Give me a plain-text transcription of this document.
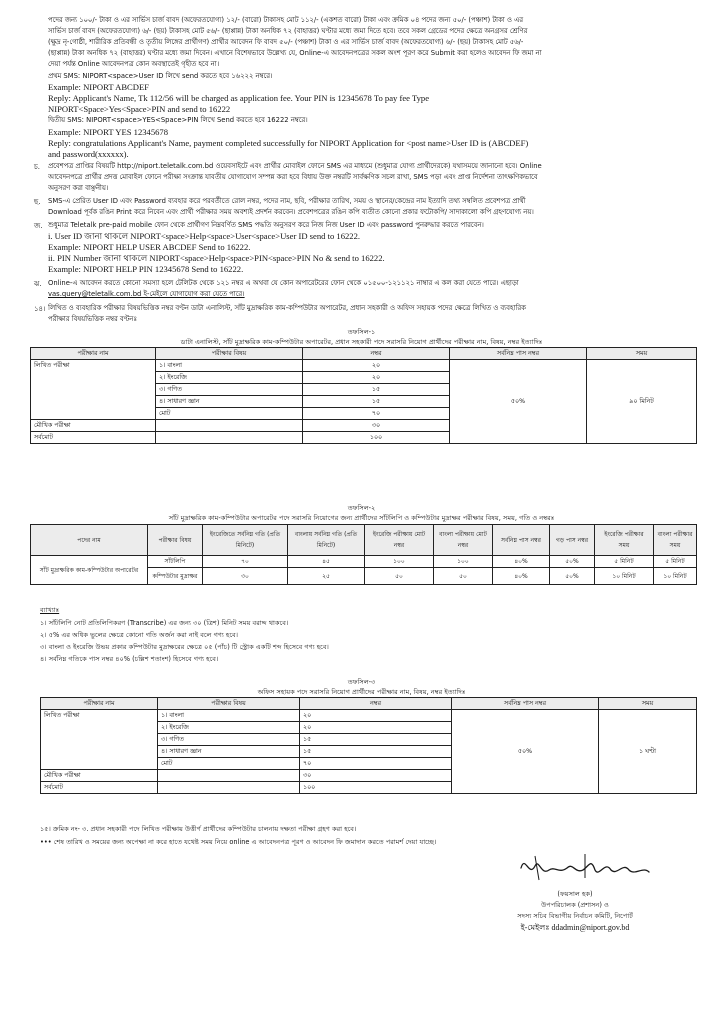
পদের জন্য ১০০/- টাকা ও এর সার্ভিস চার্জ বাবদ (অফেরতযোগ্য) ১২/- (বারো) টাকাসহ মোট ১১২/- (একশত বারো) টাকা এবং ক্রমিক ০৪ পদের জন্য ৫০/- (পঞ্চাশ) টাকা ও এর
সার্ভিস চার্জ বাবদ (অফেরতযোগ্য) ৬/- (ছয়) টাকাসহ মোট ৫৬/- (ছাপ্পান্ন) টাকা অনধিক ৭২ (বাহাত্তর) ঘণ্টার মধ্যে জমা দিতে হবে। তবে সকল গ্রেডের পদের ক্ষেত্রে অনগ্রসর শ্রেণির
(ক্ষুদ্র নৃ-গোষ্ঠী, শারীরিক প্রতিবন্ধী ও তৃতীয় লিঙ্গের প্রার্থীগণ) প্রার্থীর আবেদন ফি বাবদ ৫০/- (পঞ্চাশ) টাকা ও এর সার্ভিস চার্জ বাবদ (অফেরতযোগ্য) ৬/- (ছয়) টাকাসহ মোট ৫৬/-
(ছাপ্পান্ন) টাকা অনধিক ৭২ (বাহাত্তর) ঘণ্টার মধ্যে জমা দিবেন। এখানে বিশেষভাবে উল্লেখ্য যে, Online-এ আবেদনপত্রের সকল অংশ পূরণ করে Submit করা হলেও আবেদন ফি জমা না
দেয়া পর্যন্ত Online আবেদনপত্র কোন অবস্থাতেই গৃহীত হবে না।
প্রথম SMS: NIPORT<space>User ID লিখে send করতে হবে ১৬২২২ নম্বরে।
Example: NIPORT ABCDEF
Reply: Applicant's Name, Tk 112/56 will be charged as application fee. Your PIN is 12345678 To pay fee Type
NIPORT<Space>Yes<Space>PIN and send to 16222
দ্বিতীয় SMS: NIPORT<space>YES<Space>PIN লিখে Send করতে হবে 16222 নম্বরে।
Example: NIPORT YES 12345678
Reply: congratulations Applicant's Name, payment completed successfully for NIPORT Application for <post name>User ID is (ABCDEF)
and password(xxxxxx).
চ. প্রবেশপত্র প্রাপ্তির বিষয়টি http://niport.teletalk.com.bd ওয়েবসাইটে এবং প্রার্থীর মোবাইল ফোনে SMS এর মাধ্যমে (শুধুমাত্র যোগ্য প্রার্থীদেরকে) যথাসময়ে জানানো হবে। Online
আবেদনপত্রে প্রার্থীর প্রদত্ত মোবাইল ফোনে পরীক্ষা সংক্রান্ত যাবতীয় যোগাযোগ সম্পন্ন করা হবে বিধায় উক্ত নম্বরটি সার্বক্ষণিক সচল রাখা, SMS পড়া এবং প্রাপ্ত নির্দেশনা তাৎক্ষণিকভাবে
অনুসরণ করা বাঞ্ছনীয়।
ছ. SMS-এ প্রেরিত User ID এবং Password ব্যবহার করে পরবর্তীতে রোল নম্বর, পদের নাম, ছবি, পরীক্ষার তারিখ, সময় ও স্থানের/কেন্দ্রের নাম ইত্যাদি তথ্য সম্বলিত প্রবেশপত্র প্রার্থী
Download পূর্বক রঙিন Print করে নিবেন এবং প্রার্থী পরীক্ষার সময় অবশ্যই প্রদর্শন করবেন। প্রবেশপত্রের রঙিন কপি ব্যতীত কোনো প্রকার ফটোকপি/ সাদাকালো কপি গ্রহণযোগ্য নয়।
জ. শুধুমাত্র Teletalk pre-paid mobile ফোন থেকে প্রার্থীগণ নিম্নবর্ণিত SMS পদ্ধতি অনুসরণ করে নিজ নিজ User ID এবং password পুনরুদ্ধার করতে পারবেন।
i. User ID জানা থাকলে NIPORT<space>Help<space>User<space>User ID send to 16222.
Example: NIPORT HELP USER ABCDEF Send to 16222.
ii. PIN Number জানা থাকলে NIPORT<space>Help<space>PIN<space>PIN No & send to 16222.
Example: NIPORT HELP PIN 12345678 Send to 16222.
ঝ. Online-এ আবেদন করতে কোনো সমস্যা হলে টেলিটক থেকে ১২১ নম্বর এ অথবা যে কোন অপারেটরের ফোন থেকে ০১৫০০-১২১১২১ নাম্বার এ কল করা যেতে পারে। এছাড়া
vas.query@teletalk.com.bd ই-মেইলে যোগাযোগ করা যেতে পারে।
১৪। লিখিত ও ব্যবহারিক পরীক্ষার বিষয়ভিত্তিক নম্বর বণ্টন ডাটা এনালিস্ট, সাঁট মুদ্রাক্ষরিক কাম-কম্পিউটার অপারেটর, প্রধান সহকারী ও অফিস সহায়ক পদের ক্ষেত্রে লিখিত ও ব্যবহারিক
পরীক্ষার বিষয়ভিত্তিক নম্বর বণ্টনঃ
তফসিল-১
ডাটা এনালিস্ট, সাঁট মুদ্রাক্ষরিক কাম-কম্পিউটার অপারেটর, প্রধান সহকারী পদে সরাসরি নিয়োগ প্রার্থীদের পরীক্ষার নাম, বিষয়, নম্বর ইত্যাদিঃ
পরীক্ষার নাম	পরীক্ষার বিষয়	নম্বর	সর্বনিম্ন পাস নম্বর	সময়
লিখিত পরীক্ষা	১। বাংলা	২০	৫০%	৯০ মিনিট
	২। ইংরেজি	২০		
	৩। গণিত	১৫		
	৪। সাধারণ জ্ঞান	১৫		
	মোট	৭০		
মৌখিক পরীক্ষা		৩০		
সর্বমোট		১০০		
তফসিল-২
সাঁট মুদ্রাক্ষরিক কাম-কম্পিউটার অপারেটর পদে সরাসরি নিয়োগের জন্য প্রার্থীদের সাঁটলিপি ও কম্পিউটার মুদ্রাক্ষর পরীক্ষার বিষয়, সময়, গতি ও নম্বরঃ
পদের নাম	পরীক্ষার বিষয়	ইংরেজিতে সর্বনিম্ন গতি (প্রতি মিনিটে)	বাংলায় সর্বনিম্ন গতি (প্রতি মিনিটে)	ইংরেজি পরীক্ষায় মোট নম্বর	বাংলা পরীক্ষায় মোট নম্বর	সর্বনিম্ন পাস নম্বর	গড় পাস নম্বর	ইংরেজি পরীক্ষার সময়	বাংলা পরীক্ষার সময়
সাঁট মুদ্রাক্ষরিক কাম-কম্পিউটার অপারেটর	সাঁটলিপি	৭০	৪৫	১০০	১০০	৪০%	৫০%	৫ মিনিট	৫ মিনিট
	কম্পিউটার মুদ্রাক্ষর	৩০	২৫	৫০	৫০	৪০%	৫০%	১০ মিনিট	১০ মিনিট
ব্যাখ্যাঃ
১। সাঁটলিপি নোট প্রতিলিপিকরণ (Transcribe) এর জন্য ৩০ (ত্রিশ) মিনিট সময় বরাদ্দ থাকবে।
২। ৫% এর অধিক ভুলের ক্ষেত্রে কোনো গতি অর্জন করা নাই বলে গণ্য হবে।
৩। বাংলা ও ইংরেজি উভয় প্রকার কম্পিউটার মুদ্রাক্ষরের ক্ষেত্রে ০৫ (পাঁচ) টি স্ট্রোক একটি শব্দ হিসেবে গণ্য হবে।
৪। সর্বনিম্ন গতিকে পাস নম্বর ৪০% (চল্লিশ শতাংশ) হিসেবে গণ্য হবে।
তফসিল-৩
অফিস সহায়ক পদে সরাসরি নিয়োগ প্রার্থীদের পরীক্ষার নাম, বিষয়, নম্বর ইত্যাদিঃ
পরীক্ষার নাম	পরীক্ষার বিষয়	নম্বর	সর্বনিম্ন পাস নম্বর	সময়
লিখিত পরীক্ষা	১। বাংলা	২০	৫০%	১ ঘণ্টা
	২। ইংরেজি	২০		
	৩। গণিত	১৫		
	৪। সাধারণ জ্ঞান	১৫		
	মোট	৭০		
মৌখিক পরীক্ষা		৩০		
সর্বমোট		১০০		
১৫। ক্রমিক নং- ৩. প্রধান সহকারী পদে লিখিত পরীক্ষায় উত্তীর্ণ প্রার্থীদের কম্পিউটার চালনায় দক্ষতা পরীক্ষা গ্রহণ করা হবে।
••• শেষ তারিখ ও সময়ের জন্য অপেক্ষা না করে হাতে যথেষ্ট সময় নিয়ে online এ আবেদনপত্র পূরণ ও আবেদন ফি জমাদান করতে পরামর্শ দেয়া যাচ্ছে।
(ফয়সাল হক)
উপপরিচালক (প্রশাসন) ও
সদস্য সচিব বিভাগীয় নির্বাচন কমিটি, নিপোর্ট
ই-মেইলঃ ddadmin@niport.gov.bd
